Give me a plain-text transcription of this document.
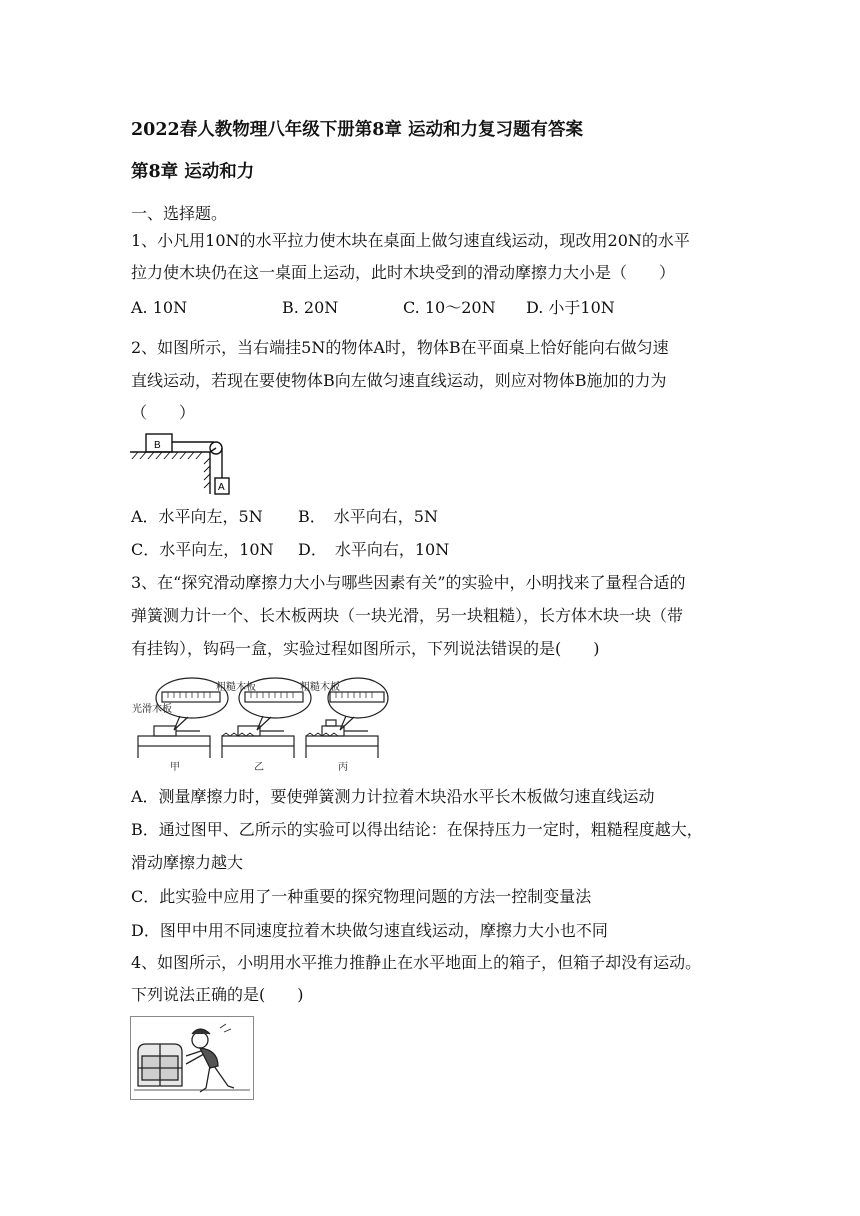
2022春人教物理八年级下册第8章 运动和力复习题有答案
第8章 运动和力
一、选择题。
1、小凡用10N的水平拉力使木块在桌面上做匀速直线运动，现改用20N的水平
拉力使木块仍在这一桌面上运动，此时木块受到的滑动摩擦力大小是（　　）
A. 10N	B. 20N	C. 10～20N D. 小于10N
2、如图所示，当右端挂5N的物体A时，物体B在平面桌上恰好能向右做匀速
直线运动，若现在要使物体B向左做匀速直线运动，则应对物体B施加的力为
（　　）
B
A
A．水平向左，5N B．　水平向右，5N
C．水平向左，10N D．　水平向右，10N
3、在“探究滑动摩擦力大小与哪些因素有关”的实验中，小明找来了量程合适的
弹簧测力计一个、长木板两块（一块光滑，另一块粗糙），长方体木块一块（带
有挂钩），钩码一盒，实验过程如图所示，下列说法错误的是(　　)
光滑木板
粗糙木板	粗糙木板
甲	乙	丙
A．测量摩擦力时，要使弹簧测力计拉着木块沿水平长木板做匀速直线运动
B．通过图甲、乙所示的实验可以得出结论：在保持压力一定时，粗糙程度越大，
滑动摩擦力越大
C．此实验中应用了一种重要的探究物理问题的方法一控制变量法
D．图甲中用不同速度拉着木块做匀速直线运动，摩擦力大小也不同
4、如图所示，小明用水平推力推静止在水平地面上的箱子，但箱子却没有运动。
下列说法正确的是(　　)
